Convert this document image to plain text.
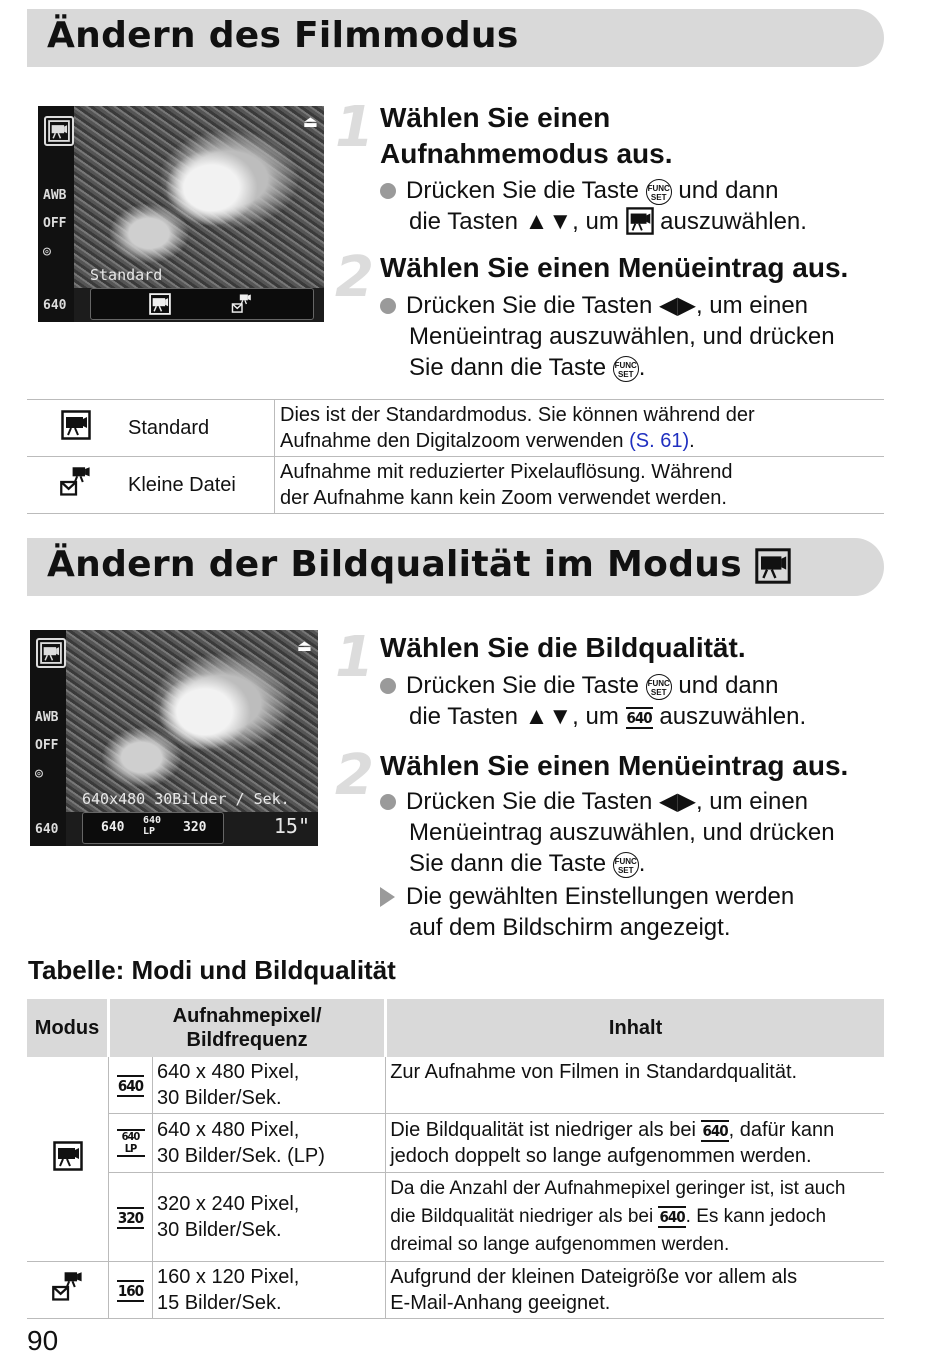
Ändern des Filmmodus
AWB
OFF
◎
640
⏏
Standard
1 Wählen Sie einen
Aufnahmemodus aus.
Drücken Sie die Taste FUNC
SET und dann
die Tasten ▲▼, um auszuwählen.
2 Wählen Sie einen Menüeintrag aus.
Drücken Sie die Tasten ◀▶, um einen
Menüeintrag auszuwählen, und drücken
Sie dann die Taste FUNC
SET .
	Standard	Dies ist der Standardmodus. Sie können während der
Aufnahme den Digitalzoom verwenden (S. 61).
	Kleine Datei	Aufnahme mit reduzierter Pixelauflösung. Während
der Aufnahme kann kein Zoom verwendet werden.
Ändern der Bildqualität im Modus
AWB
OFF
◎
640
⏏
640x480 30Bilder / Sek.
640 640 LP	320	15"
1 Wählen Sie die Bildqualität.
Drücken Sie die Taste FUNC
SET und dann
die Tasten ▲▼, um 640 auszuwählen.
2 Wählen Sie einen Menüeintrag aus.
Drücken Sie die Tasten ◀▶, um einen
Menüeintrag auszuwählen, und drücken
Sie dann die Taste FUNC
SET .
Die gewählten Einstellungen werden
auf dem Bildschirm angezeigt.
Tabelle: Modi und Bildqualität
Modus	Aufnahmepixel/
Bildfrequenz		Inhalt
	640	640 x 480 Pixel,
30 Bilder/Sek.	Zur Aufnahme von Filmen in Standardqualität.
	640 LP	640 x 480 Pixel,
30 Bilder/Sek. (LP)	Die Bildqualität ist niedriger als bei 640, dafür kann
jedoch doppelt so lange aufgenommen werden.
	320	320 x 240 Pixel,
30 Bilder/Sek.	Da die Anzahl der Aufnahmepixel geringer ist, ist auch
die Bildqualität niedriger als bei 640. Es kann jedoch
dreimal so lange aufgenommen werden.
	160	160 x 120 Pixel,
15 Bilder/Sek.	Aufgrund der kleinen Dateigröße vor allem als
E-Mail-Anhang geeignet.
90
